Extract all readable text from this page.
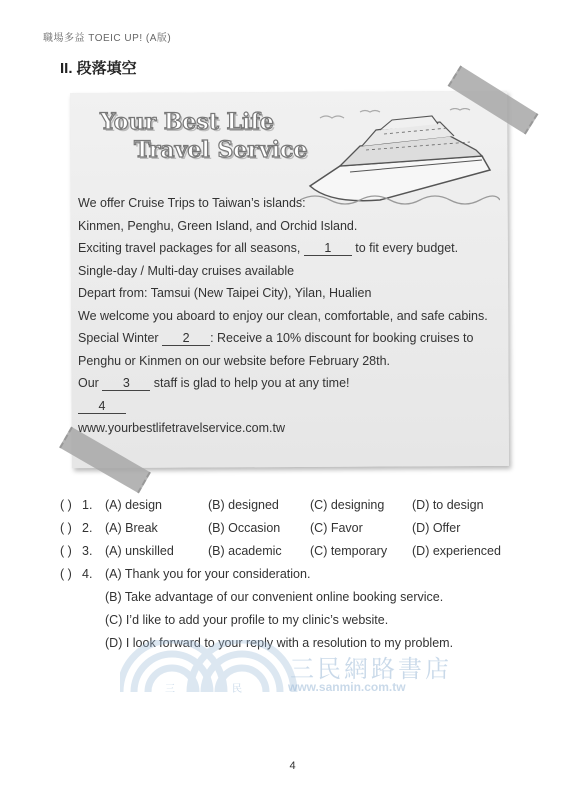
職場多益 TOEIC UP! (A版)
II. 段落填空
Your Best Life
Travel Service
We offer Cruise Trips to Taiwan’s islands:
Kinmen, Penghu, Green Island, and Orchid Island.
Exciting travel packages for all seasons, 1 to fit every budget.
Single-day / Multi-day cruises available
Depart from: Tamsui (New Taipei City), Yilan, Hualien
We welcome you aboard to enjoy our clean, comfortable, and safe cabins.
Special Winter 2 : Receive a 10% discount for booking cruises to
Penghu or Kinmen on our website before February 28th.
Our 3 staff is glad to help you at any time!
4
www.yourbestlifetravelservice.com.tw
( ) 1. (A) design	(B) designed (C) designing (D) to design
( ) 2. (A) Break	(B) Occasion (C) Favor	(D) Offer
( ) 3. (A) unskilled	(B) academic (C) temporary (D) experienced
( ) 4. (A) Thank you for your consideration.
(B) Take advantage of our convenient online booking service.
(C) I’d like to add your profile to my clinic’s website.
(D) I look forward to your reply with a resolution to my problem.
三	民
三民網路書店
www.sanmin.com.tw
4
